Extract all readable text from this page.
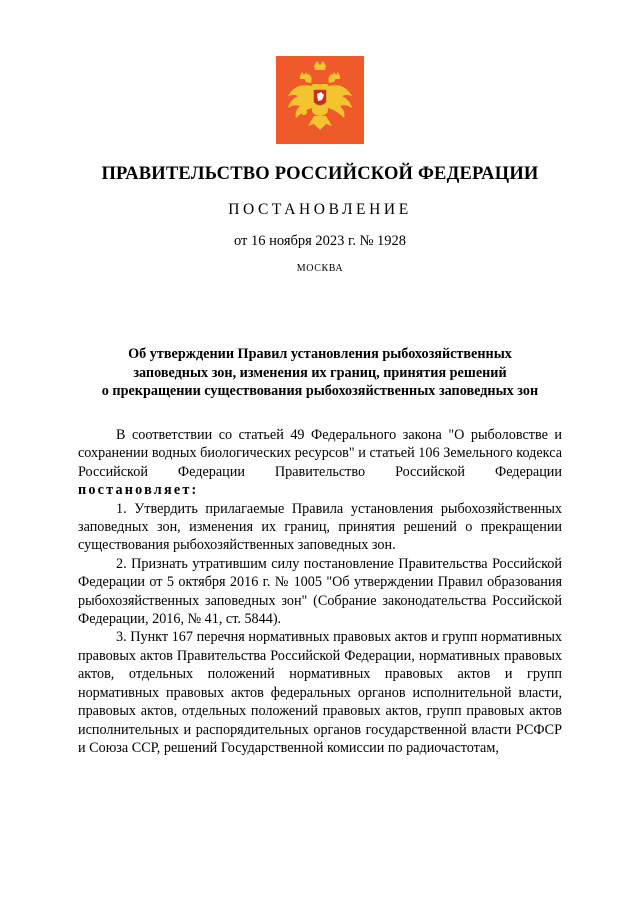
ПРАВИТЕЛЬСТВО РОССИЙСКОЙ ФЕДЕРАЦИИ
ПОСТАНОВЛЕНИЕ
от 16 ноября 2023 г. № 1928
МОСКВА
Об утверждении Правил установления рыбохозяйственных
заповедных зон, изменения их границ, принятия решений
о прекращении существования рыбохозяйственных заповедных зон

В соответствии со статьей 49 Федерального закона "О рыболовстве и сохранении водных биологических ресурсов" и статьей 106 Земельного кодекса Российской Федерации Правительство Российской Федерации постановляет:

1. Утвердить прилагаемые Правила установления рыбохозяйственных заповедных зон, изменения их границ, принятия решений о прекращении существования рыбохозяйственных заповедных зон.

2. Признать утратившим силу постановление Правительства Российской Федерации от 5 октября 2016 г. № 1005 "Об утверждении Правил образования рыбохозяйственных заповедных зон" (Собрание законодательства Российской Федерации, 2016, № 41, ст. 5844).

3. Пункт 167 перечня нормативных правовых актов и групп нормативных правовых актов Правительства Российской Федерации, нормативных правовых актов, отдельных положений нормативных правовых актов и групп нормативных правовых актов федеральных органов исполнительной власти, правовых актов, отдельных положений правовых актов, групп правовых актов исполнительных и распорядительных органов государственной власти РСФСР и Союза ССР, решений Государственной комиссии по радиочастотам,
